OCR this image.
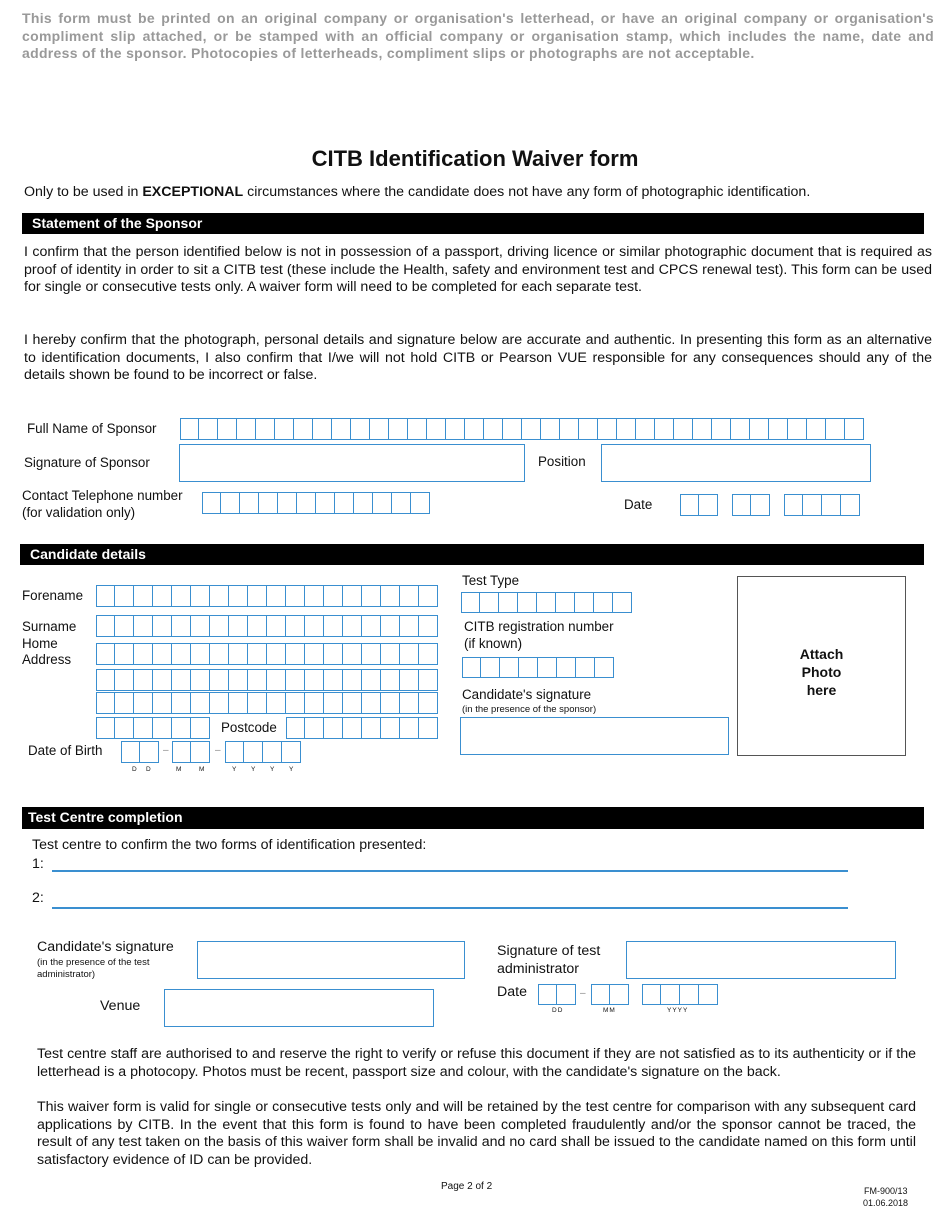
This form must be printed on an original company or organisation's letterhead, or have an original company or organisation's compliment slip attached, or be stamped with an official company or organisation stamp, which includes the name, date and address of the sponsor. Photocopies of letterheads, compliment slips or photographs are not acceptable.
CITB Identification Waiver form
Only to be used in EXCEPTIONAL circumstances where the candidate does not have any form of photographic identification.
Statement of the Sponsor
I confirm that the person identified below is not in possession of a passport, driving licence or similar photographic document that is required as proof of identity in order to sit a CITB test (these include the Health, safety and environment test and CPCS renewal test). This form can be used for single or consecutive tests only. A waiver form will need to be completed for each separate test.
I hereby confirm that the photograph, personal details and signature below are accurate and authentic. In presenting this form as an alternative to identification documents, I also confirm that I/we will not hold CITB or Pearson VUE responsible for any consequences should any of the details shown be found to be incorrect or false.
Full Name of Sponsor
Signature of Sponsor	Position
Contact Telephone number
(for validation only)
Date
Candidate details
Forename
Surname
Home
Address
Postcode
Date of Birth	–	–
D D	M	M	Y Y Y Y
Test Type
CITB registration number
(if known)
Candidate's signature
(in the presence of the sponsor)
Attach
Photo
here
Test Centre completion
Test centre to confirm the two forms of identification presented:
1:
2:
Candidate's signature
(in the presence of the test administrator)
Signature of test administrator
Date	–
DD	MM	YYYY
Venue
Test centre staff are authorised to and reserve the right to verify or refuse this document if they are not satisfied as to its authenticity or if the letterhead is a photocopy. Photos must be recent, passport size and colour, with the candidate's signature on the back.
This waiver form is valid for single or consecutive tests only and will be retained by the test centre for comparison with any subsequent card applications by CITB. In the event that this form is found to have been completed fraudulently and/or the sponsor cannot be traced, the result of any test taken on the basis of this waiver form shall be invalid and no card shall be issued to the candidate named on this form until satisfactory evidence of ID can be provided.
Page 2 of 2	FM-900/13
01.06.2018
